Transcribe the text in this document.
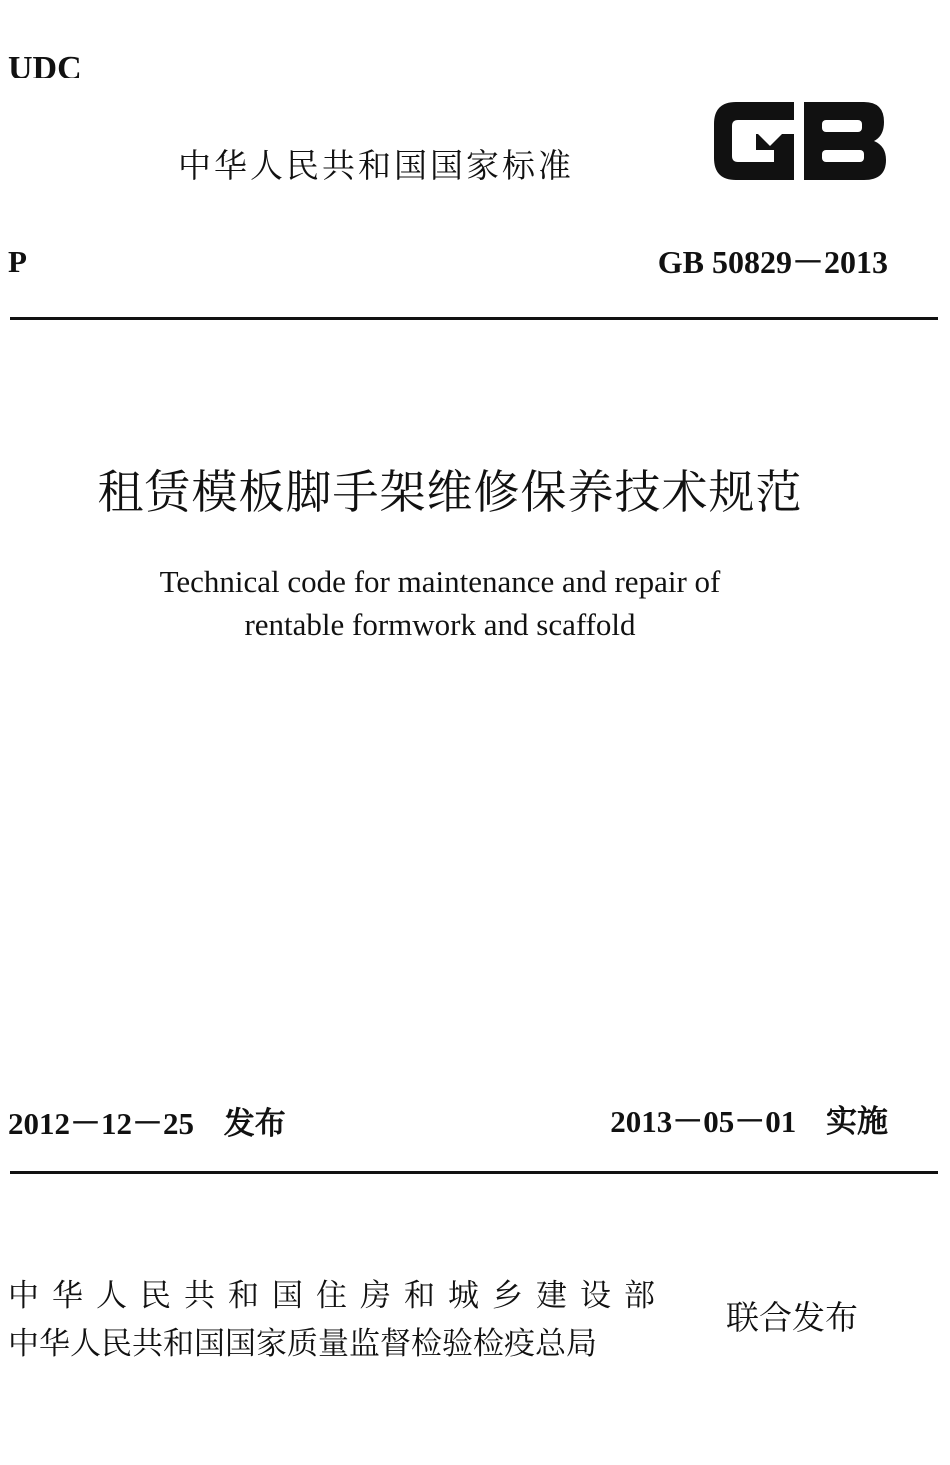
UDC
中华人民共和国国家标准
P	GB 50829－2013
租赁模板脚手架维修保养技术规范
Technical code for maintenance and repair of
rentable formwork and scaffold
2012－12－25 发布	2013－05－01 实施
中华人民共和国住房和城乡建设部
中华人民共和国国家质量监督检验检疫总局
联合发布
